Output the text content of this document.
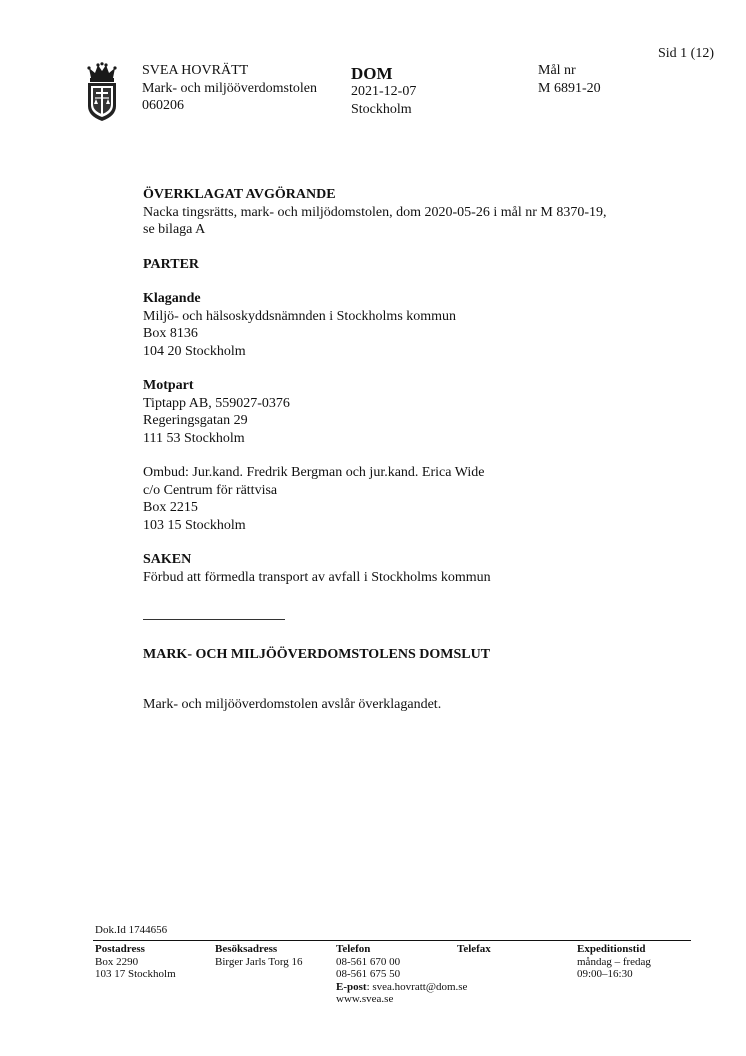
Sid 1 (12)
SVEA HOVRÄTT
Mark- och miljööverdomstolen
060206
DOM
2021-12-07
Stockholm
Mål nr
M 6891-20

ÖVERKLAGAT AVGÖRANDE

Nacka tingsrätts, mark- och miljödomstolen, dom 2020-05-26 i mål nr M 8370-19,

se bilaga A

PARTER

Klagande

Miljö- och hälsoskyddsnämnden i Stockholms kommun

Box 8136

104 20 Stockholm

Motpart

Tiptapp AB, 559027-0376

Regeringsgatan 29

111 53 Stockholm

Ombud: Jur.kand. Fredrik Bergman och jur.kand. Erica Wide

c/o Centrum för rättvisa

Box 2215

103 15 Stockholm

SAKEN

Förbud att förmedla transport av avfall i Stockholms kommun

MARK- OCH MILJÖÖVERDOMSTOLENS DOMSLUT
Mark- och miljööverdomstolen avslår överklagandet.
Dok.Id 1744656
Postadress
Box 2290
103 17 Stockholm
Besöksadress
Birger Jarls Torg 16
Telefon
08-561 670 00
08-561 675 50
E-post: svea.hovratt@dom.se
www.svea.se
Telefax	Expeditionstid
måndag – fredag
09:00–16:30
